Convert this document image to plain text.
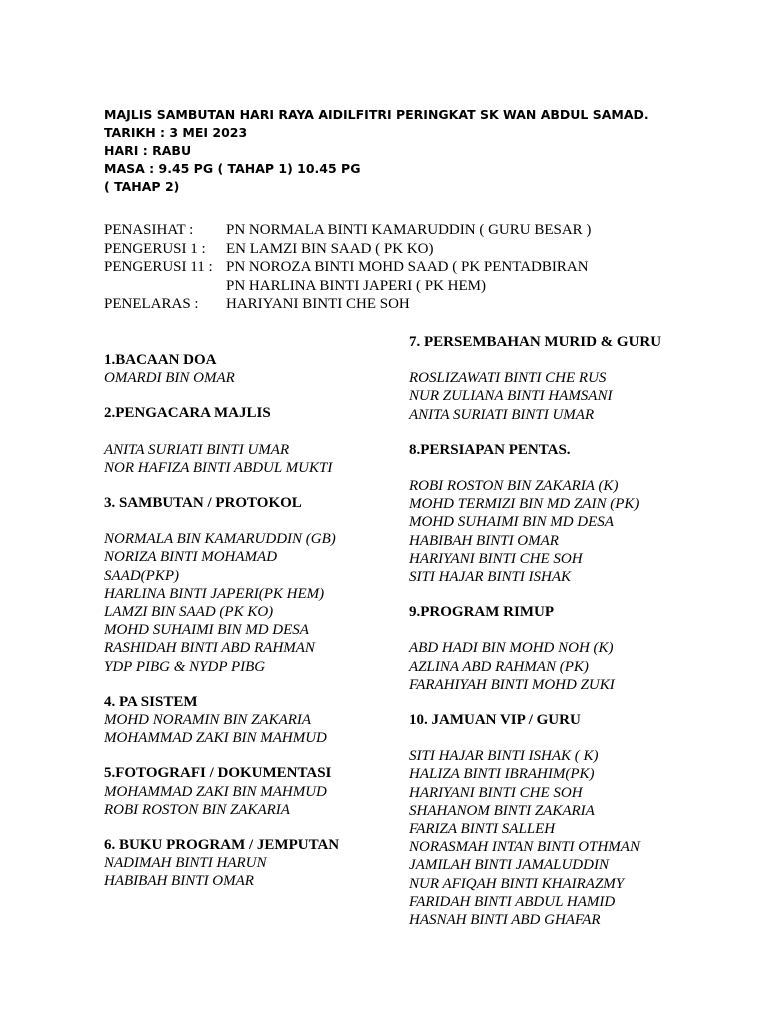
MAJLIS SAMBUTAN HARI RAYA AIDILFITRI PERINGKAT SK WAN ABDUL SAMAD.
TARIKH : 3 MEI 2023
HARI : RABU
MASA : 9.45 PG ( TAHAP 1) 10.45 PG
( TAHAP 2)
PENASIHAT : PN NORMALA BINTI KAMARUDDIN ( GURU BESAR )
PENGERUSI 1 : EN LAMZI BIN SAAD ( PK KO)
PENGERUSI 11 : PN NOROZA BINTI MOHD SAAD ( PK PENTADBIRAN
PN HARLINA BINTI JAPERI ( PK HEM)
PENELARAS : HARIYANI BINTI CHE SOH
1.BACAAN DOA
OMARDI BIN OMAR
2.PENGACARA MAJLIS
ANITA SURIATI BINTI UMAR
NOR HAFIZA BINTI ABDUL MUKTI
3. SAMBUTAN / PROTOKOL
NORMALA BIN KAMARUDDIN (GB)
NORIZA BINTI MOHAMAD
SAAD(PKP)
HARLINA BINTI JAPERI(PK HEM)
LAMZI BIN SAAD (PK KO)
MOHD SUHAIMI BIN MD DESA
RASHIDAH BINTI ABD RAHMAN
YDP PIBG & NYDP PIBG
4. PA SISTEM
MOHD NORAMIN BIN ZAKARIA
MOHAMMAD ZAKI BIN MAHMUD
5.FOTOGRAFI / DOKUMENTASI
MOHAMMAD ZAKI BIN MAHMUD
ROBI ROSTON BIN ZAKARIA
6. BUKU PROGRAM / JEMPUTAN
NADIMAH BINTI HARUN
HABIBAH BINTI OMAR
7. PERSEMBAHAN MURID & GURU
ROSLIZAWATI BINTI CHE RUS
NUR ZULIANA BINTI HAMSANI
ANITA SURIATI BINTI UMAR
8.PERSIAPAN PENTAS.
ROBI ROSTON BIN ZAKARIA (K)
MOHD TERMIZI BIN MD ZAIN (PK)
MOHD SUHAIMI BIN MD DESA
HABIBAH BINTI OMAR
HARIYANI BINTI CHE SOH
SITI HAJAR BINTI ISHAK
9.PROGRAM RIMUP
ABD HADI BIN MOHD NOH (K)
AZLINA ABD RAHMAN (PK)
FARAHIYAH BINTI MOHD ZUKI
10. JAMUAN VIP / GURU
SITI HAJAR BINTI ISHAK ( K)
HALIZA BINTI IBRAHIM(PK)
HARIYANI BINTI CHE SOH
SHAHANOM BINTI ZAKARIA
FARIZA BINTI SALLEH
NORASMAH INTAN BINTI OTHMAN
JAMILAH BINTI JAMALUDDIN
NUR AFIQAH BINTI KHAIRAZMY
FARIDAH BINTI ABDUL HAMID
HASNAH BINTI ABD GHAFAR
